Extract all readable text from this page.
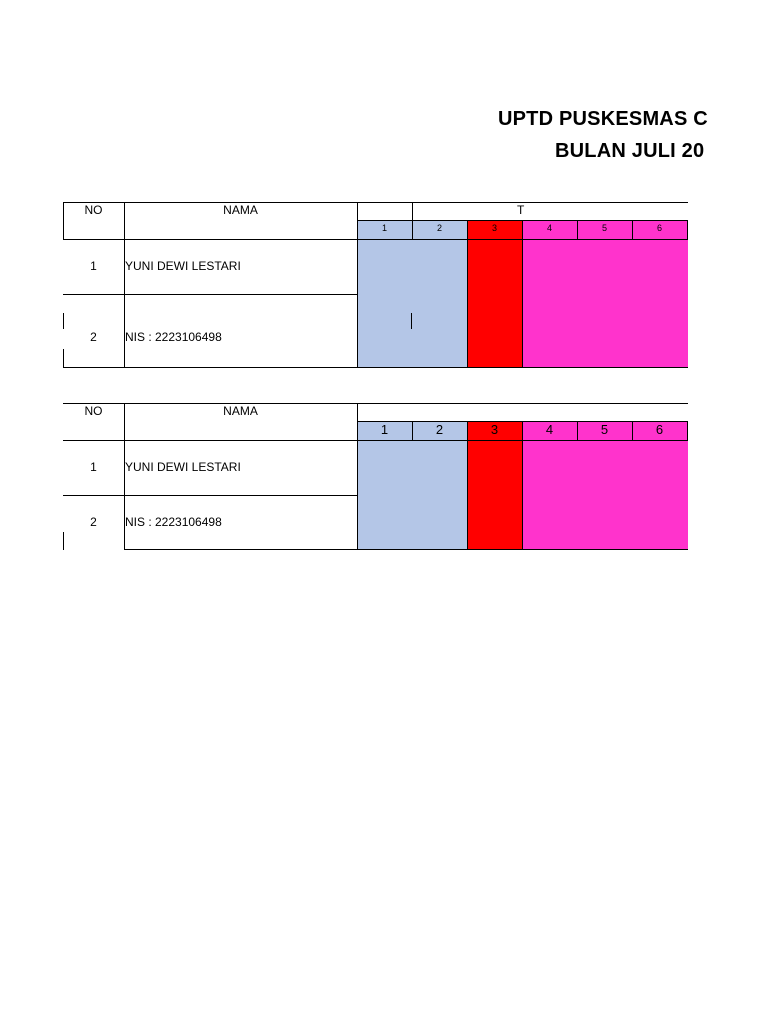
UPTD PUSKESMAS C
BULAN JULI 20
NO	NAMA	T
1	2	3	4	5	6
1	YUNI DEWI LESTARI
2	NIS : 2223106498
NO	NAMA
1	2	3	4	5	6
1	YUNI DEWI LESTARI
2	NIS : 2223106498
